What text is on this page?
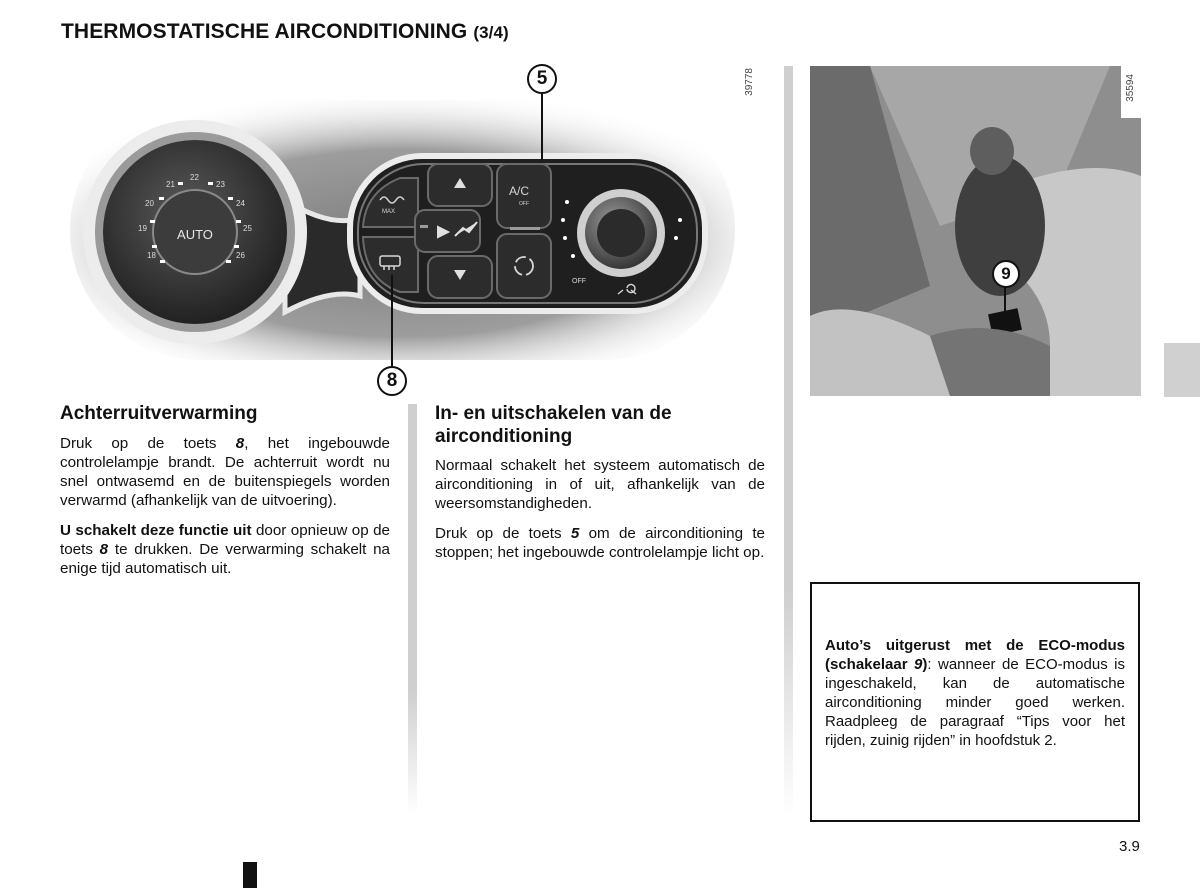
THERMOSTATISCHE AIRCONDITIONING (3/4)
AUTO
18
19
20
21
22
23
24
25
26
MAX
A/C
OFF
OFF
5
8
39778
9
35594
Achterruitverwarming

Druk op de toets 8, het ingebouwde controlelampje brandt. De achterruit wordt nu snel ontwasemd en de buitenspiegels worden verwarmd (afhankelijk van de uitvoering).

U schakelt deze functie uit door opnieuw op de toets 8 te drukken. De verwarming schakelt na enige tijd automatisch uit.

In- en uitschakelen van de airconditioning

Normaal schakelt het systeem automatisch de airconditioning in of uit, afhankelijk van de weersomstandigheden.

Druk op de toets 5 om de airconditioning te stoppen; het ingebouwde controlelampje licht op.

Auto’s uitgerust met de ECO-modus (schakelaar 9): wanneer de ECO-modus is ingeschakeld, kan de automatische airconditioning minder goed werken. Raadpleeg de paragraaf “Tips voor het rijden, zuinig rijden” in hoofdstuk 2.

3.9
